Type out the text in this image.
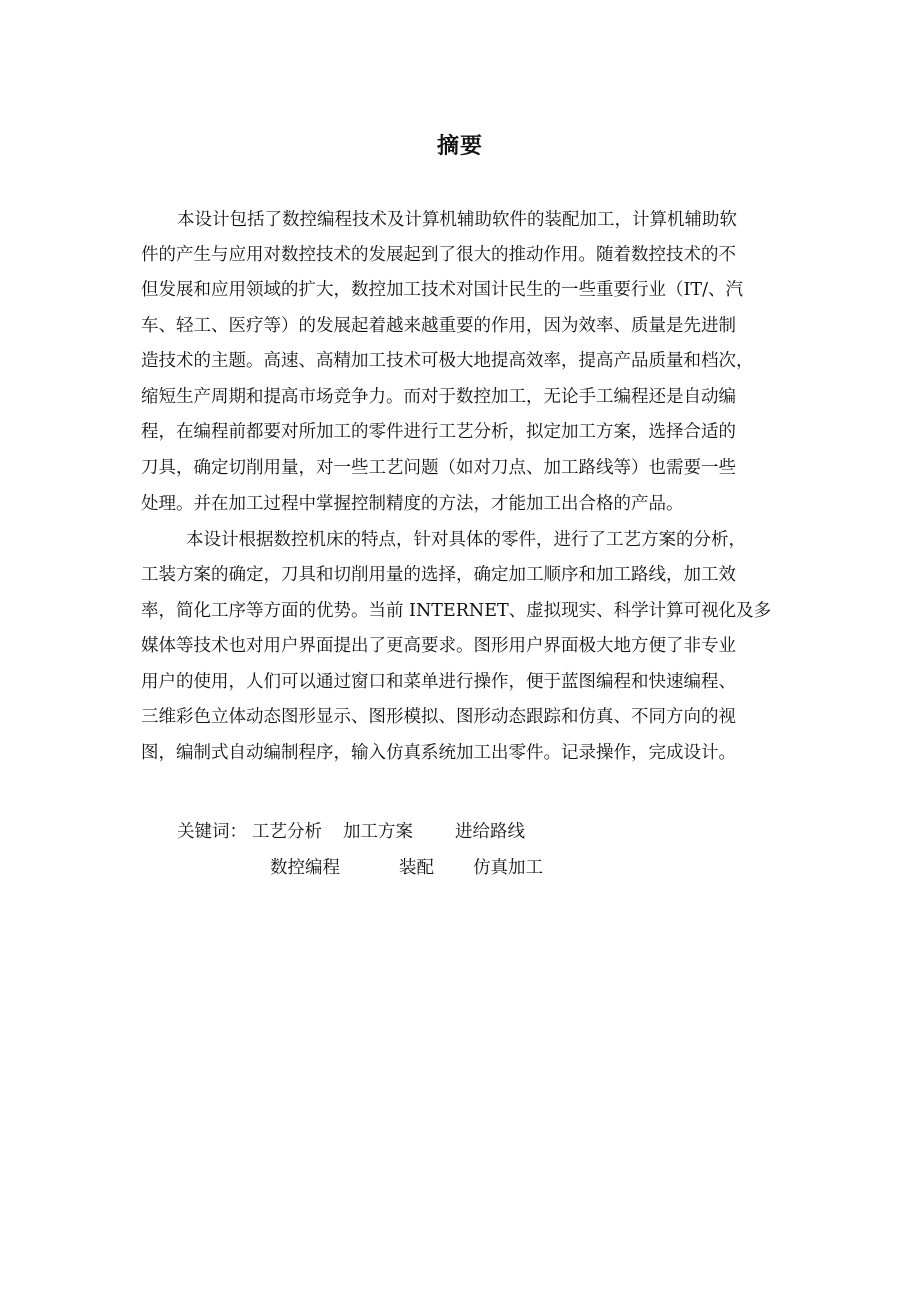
摘要
本设计包括了数控编程技术及计算机辅助软件的装配加工，计算机辅助软
件的产生与应用对数控技术的发展起到了很大的推动作用。随着数控技术的不
但发展和应用领域的扩大，数控加工技术对国计民生的一些重要行业（IT/、汽
车、轻工、医疗等）的发展起着越来越重要的作用，因为效率、质量是先进制
造技术的主题。高速、高精加工技术可极大地提高效率，提高产品质量和档次，
缩短生产周期和提高市场竞争力。而对于数控加工，无论手工编程还是自动编
程，在编程前都要对所加工的零件进行工艺分析，拟定加工方案，选择合适的
刀具，确定切削用量，对一些工艺问题（如对刀点、加工路线等）也需要一些
处理。并在加工过程中掌握控制精度的方法，才能加工出合格的产品。
本设计根据数控机床的特点，针对具体的零件，进行了工艺方案的分析，
工装方案的确定，刀具和切削用量的选择，确定加工顺序和加工路线，加工效
率，简化工序等方面的优势。当前 INTERNET、虚拟现实、科学计算可视化及多
媒体等技术也对用户界面提出了更高要求。图形用户界面极大地方便了非专业
用户的使用，人们可以通过窗口和菜单进行操作，便于蓝图编程和快速编程、
三维彩色立体动态图形显示、图形模拟、图形动态跟踪和仿真、不同方向的视
图，编制式自动编制程序，输入仿真系统加工出零件。记录操作，完成设计。
关键词： 工艺分析 加工方案 进给路线
数控编程	装配 仿真加工
